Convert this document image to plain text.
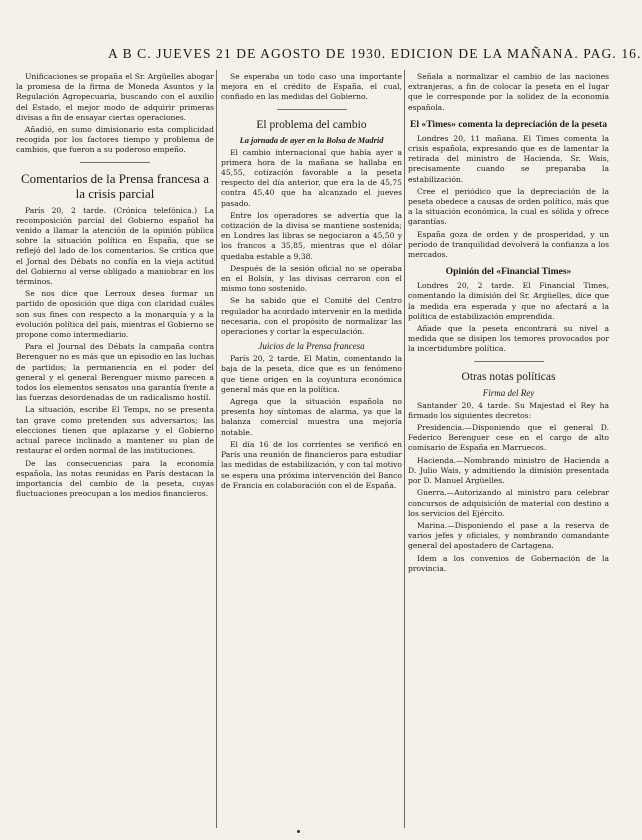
A B C. JUEVES 21 DE AGOSTO DE 1930. EDICION DE LA MAÑANA. PAG. 16.

Unificaciones se propaña el Sr. Argüelles abogar la promesa de la firma de Moneda Asuntos y la Regulación Agropecuaria, buscando con el auxilio del Estado, el mejor modo de adquirir primeras divisas a fin de ensayar ciertas operaciones.

Añadió, en sumo dimisionario esta complicidad recogida por los factores tiempo y problema de cambios, que fueron a su poderoso empeño.

Comentarios de la Prensa francesa a la crisis parcial

París 20, 2 tarde. (Crónica telefónica.) La recomposición parcial del Gobierno español ha venido a llamar la atención de la opinión pública sobre la situación política en España, que se reflejó del lado de los comentarios. Se critica que el Jornal des Débats no confía en la vieja actitud del Gobierno al verse obligado a maniobrar en los términos.

Se nos dice que Lerroux desea formar un partido de oposición que diga con claridad cuáles son sus fines con respecto a la monarquía y a la evolución política del país, mientras el Gobierno se propone como intermediario.

Para el Journal des Débats la campaña contra Berenguer no es más que un episodio en las luchas de partidos; la permanencia en el poder del general y el general Berenguer mismo parecen a todos los elementos sensatos una garantía frente a las fuerzas desordenadas de un radicalismo hostil.

La situación, escribe El Temps, no se presenta tan grave como pretenden sus adversarios; las elecciones tienen que aplazarse y el Gobierno actual parece inclinado a mantener su plan de restaurar el orden normal de las instituciones.

De las consecuencias para la economía española, las notas reunidas en París destacan la importancia del cambio de la peseta, cuyas fluctuaciones preocupan a los medios financieros.

Se esperaba un todo caso una importante mejora en el crédito de España, el cual, confiado en las medidas del Gobierno.

El problema del cambio
La jornada de ayer en la Bolsa de Madrid

El cambio internacional que había ayer a primera hora de la mañana se hallaba en 45,55, cotización favorable a la peseta respecto del día anterior, que era la de 45,75 contra 45,40 que ha alcanzado el jueves pasado.

Entre los operadores se advertía que la cotización de la divisa se mantiene sostenida; en Londres las libras se negociaron a 45,50 y los francos a 35,85, mientras que el dólar quedaba estable a 9,38.

Después de la sesión oficial no se operaba en el Bolsín, y las divisas cerraron con el mismo tono sostenido.

Se ha sabido que el Comité del Centro regulador ha acordado intervenir en la medida necesaria, con el propósito de normalizar las operaciones y cortar la especulación.

Juicios de la Prensa francesa

París 20, 2 tarde. El Matin, comentando la baja de la peseta, dice que es un fenómeno que tiene origen en la coyuntura económica general más que en la política.

Agrega que la situación española no presenta hoy síntomas de alarma, ya que la balanza comercial muestra una mejoría notable.

El día 16 de los corrientes se verificó en París una reunión de financieros para estudiar las medidas de estabilización, y con tal motivo se espera una próxima intervención del Banco de Francia en colaboración con el de España.

Señala a normalizar el cambio de las naciones extranjeras, a fin de colocar la peseta en el lugar que le corresponde por la solidez de la economía española.

El «Times» comenta la depreciación de la peseta

Londres 20, 11 mañana. El Times comenta la crisis española, expresando que es de lamentar la retirada del ministro de Hacienda, Sr. Wais, precisamente cuando se preparaba la estabilización.

Cree el periódico que la depreciación de la peseta obedece a causas de orden político, más que a la situación económica, la cual es sólida y ofrece garantías.

España goza de orden y de prosperidad, y un período de tranquilidad devolverá la confianza a los mercados.

Opinión del «Financial Times»

Londres 20, 2 tarde. El Financial Times, comentando la dimisión del Sr. Argüelles, dice que la medida era esperada y que no afectará a la política de estabilización emprendida.

Añade que la peseta encontrará su nivel a medida que se disipen los temores provocados por la incertidumbre política.

Otras notas políticas
Firma del Rey

Santander 20, 4 tarde. Su Majestad el Rey ha firmado los siguientes decretos:

Presidencia.—Disponiendo que el general D. Federico Berenguer cese en el cargo de alto comisario de España en Marruecos.

Hacienda.—Nombrando ministro de Hacienda a D. Julio Wais, y admitiendo la dimisión presentada por D. Manuel Argüelles.

Guerra.—Autorizando al ministro para celebrar concursos de adquisición de material con destino a los servicios del Ejército.

Marina.—Disponiendo el pase a la reserva de varios jefes y oficiales, y nombrando comandante general del apostadero de Cartagena.

Idem a los convenios de Gobernación de la provincia.
